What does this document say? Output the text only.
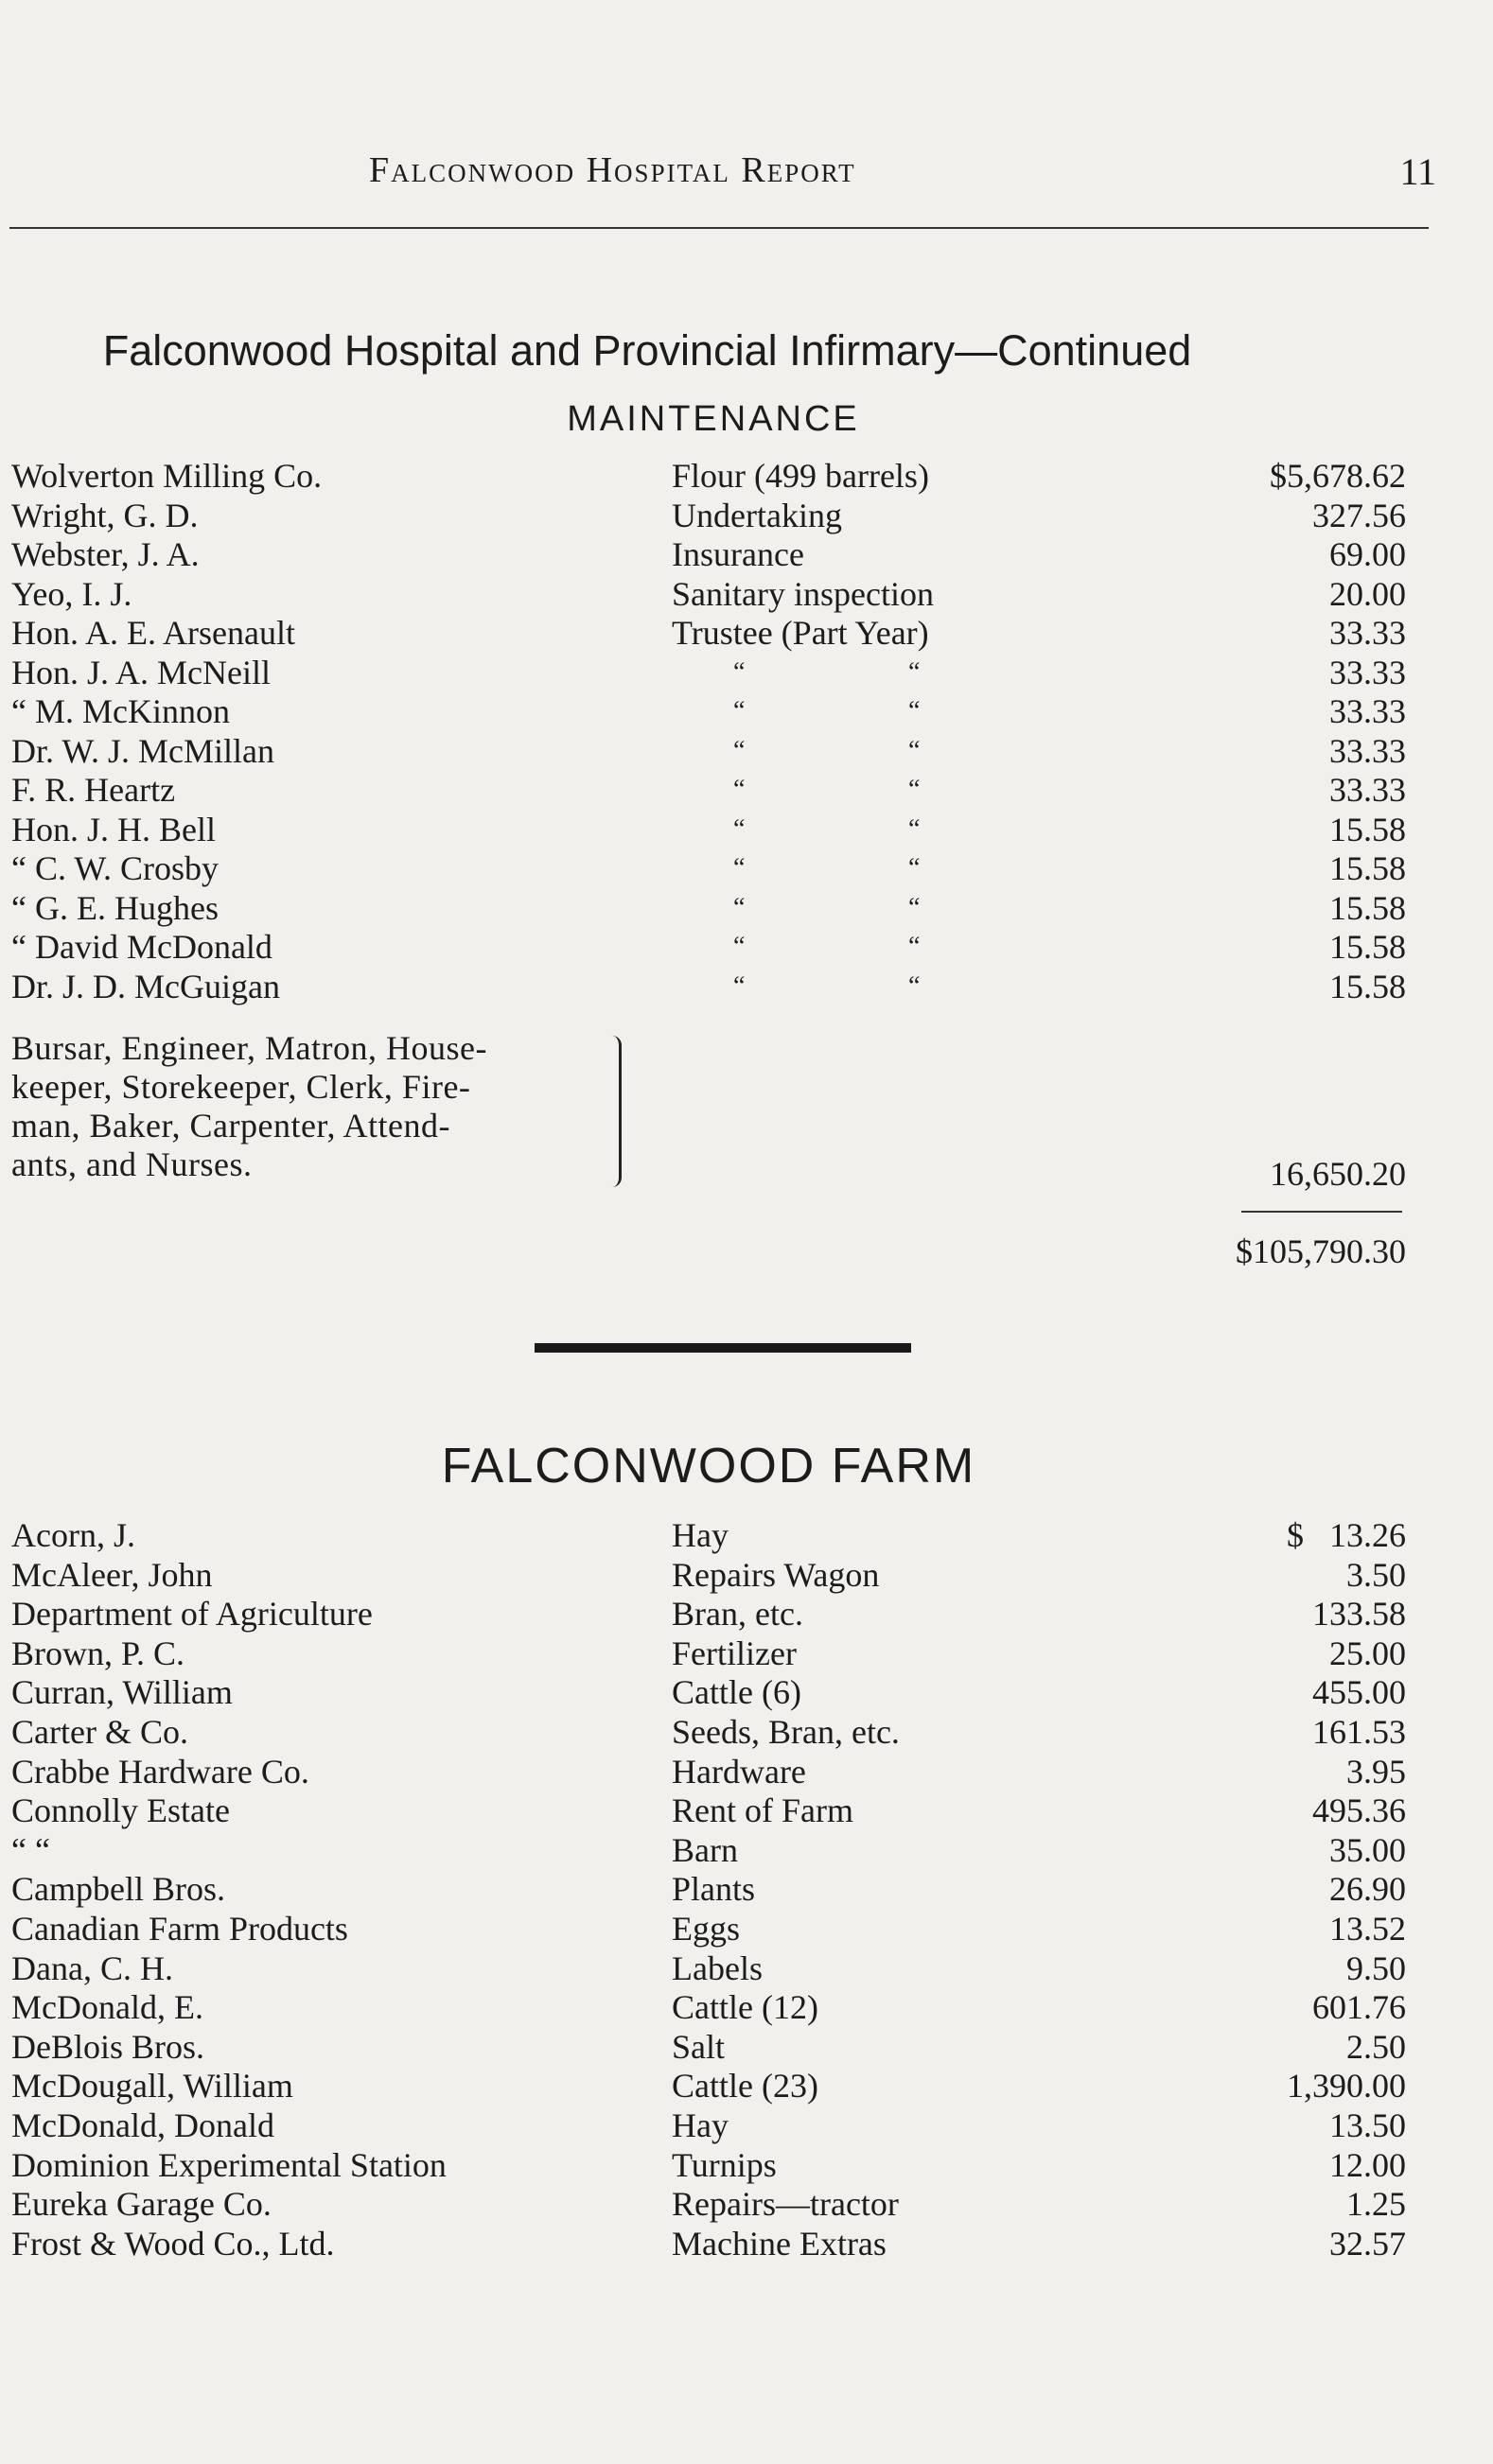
Falconwood Hospital Report	11
Falconwood Hospital and Provincial Infirmary—Continued
MAINTENANCE
Wolverton Milling Co.	Flour (499 barrels)	$5,678.62
Wright, G. D.	Undertaking	327.56
Webster, J. A.	Insurance	69.00
Yeo, I. J.	Sanitary inspection	20.00
Hon. A. E. Arsenault	Trustee (Part Year)	33.33
Hon. J. A. McNeill	“	“	33.33
“ M. McKinnon	“	“	33.33
Dr. W. J. McMillan	“	“	33.33
F. R. Heartz	“	“	33.33
Hon. J. H. Bell	“	“	15.58
“ C. W. Crosby	“	“	15.58
“ G. E. Hughes	“	“	15.58
“ David McDonald	“	“	15.58
Dr. J. D. McGuigan	“	“	15.58
Bursar, Engineer, Matron, House-
keeper, Storekeeper, Clerk, Fire-
man, Baker, Carpenter, Attend-
ants, and Nurses.	16,650.20
$105,790.30
FALCONWOOD FARM
Acorn, J.	Hay	$ 13.26
McAleer, John	Repairs Wagon	3.50
Department of Agriculture	Bran, etc.	133.58
Brown, P. C.	Fertilizer	25.00
Curran, William	Cattle (6)	455.00
Carter & Co.	Seeds, Bran, etc.	161.53
Crabbe Hardware Co.	Hardware	3.95
Connolly Estate	Rent of Farm	495.36
“ “	Barn	35.00
Campbell Bros.	Plants	26.90
Canadian Farm Products	Eggs	13.52
Dana, C. H.	Labels	9.50
McDonald, E.	Cattle (12)	601.76
DeBlois Bros.	Salt	2.50
McDougall, William	Cattle (23)	1,390.00
McDonald, Donald	Hay	13.50
Dominion Experimental Station	Turnips	12.00
Eureka Garage Co.	Repairs—tractor	1.25
Frost & Wood Co., Ltd.	Machine Extras	32.57
